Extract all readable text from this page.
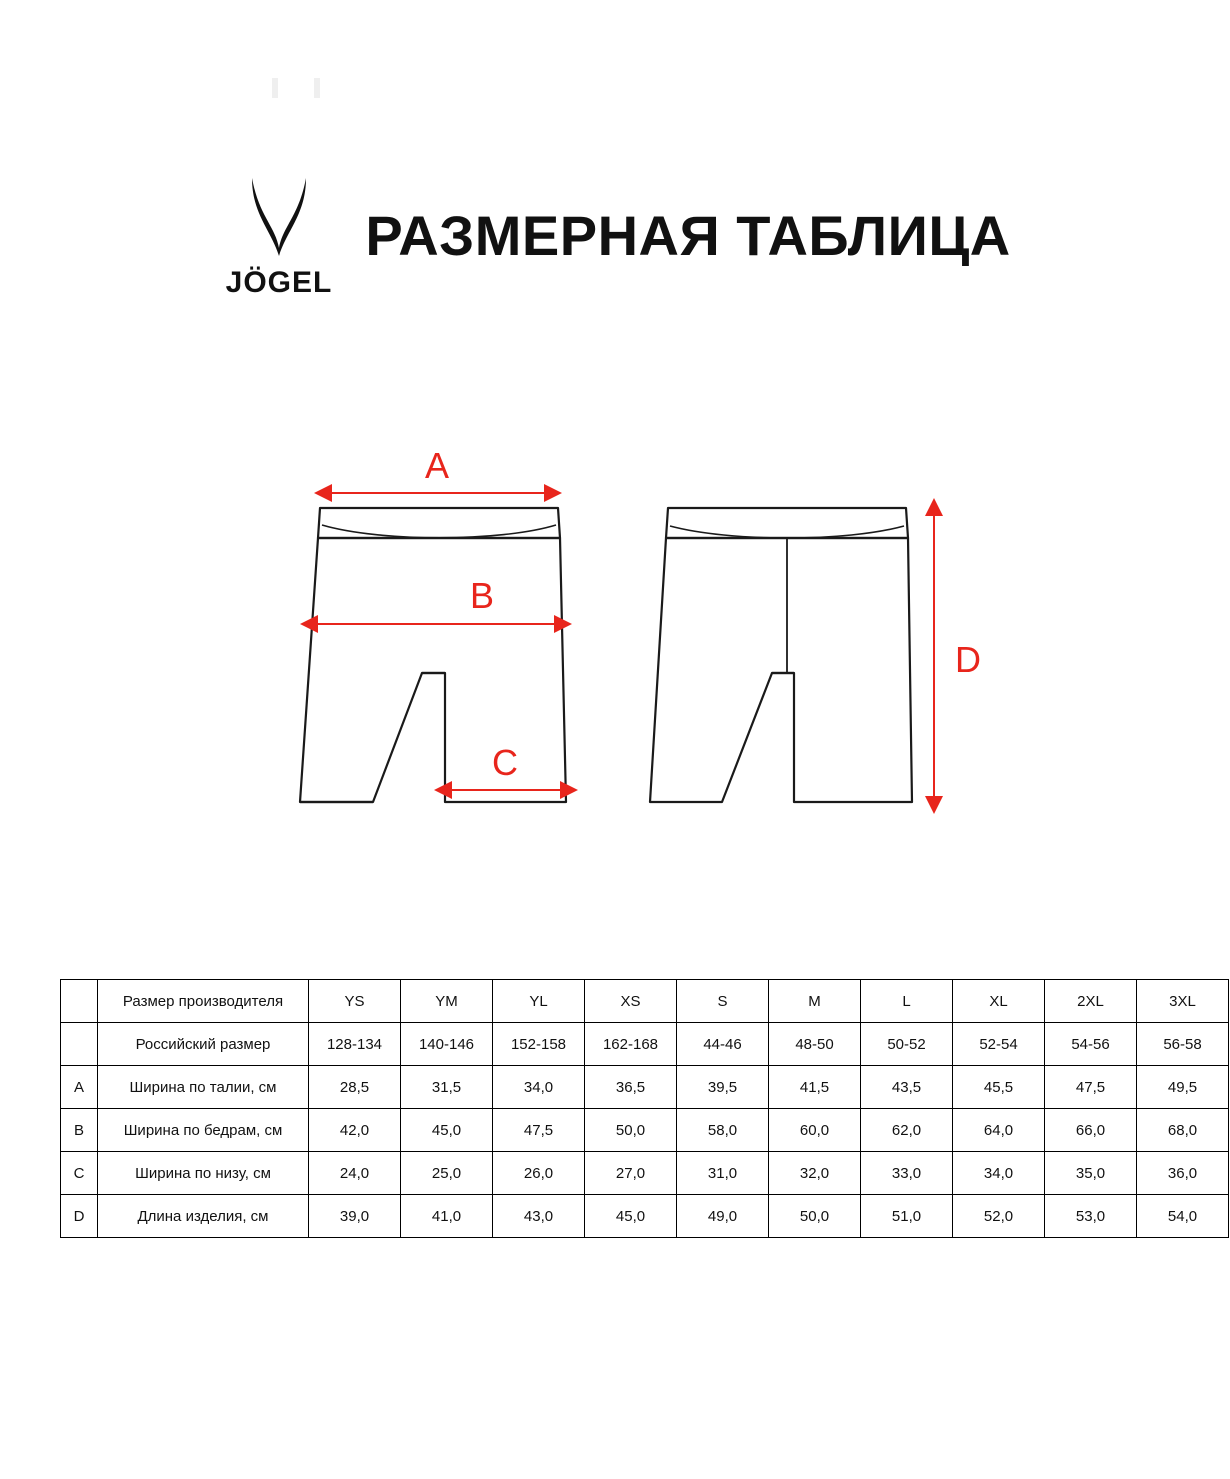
JÖGEL
РАЗМЕРНАЯ ТАБЛИЦА
A
B
C
D
	Размер производителя	YS	YM	YL	XS	S	M	L	XL	2XL	3XL
	Российский размер	128-134	140-146	152-158	162-168	44-46	48-50	50-52	52-54	54-56	56-58
A	Ширина по талии, см	28,5	31,5	34,0	36,5	39,5	41,5	43,5	45,5	47,5	49,5
B	Ширина по бедрам, см	42,0	45,0	47,5	50,0	58,0	60,0	62,0	64,0	66,0	68,0
C	Ширина по низу, см	24,0	25,0	26,0	27,0	31,0	32,0	33,0	34,0	35,0	36,0
D	Длина изделия, см	39,0	41,0	43,0	45,0	49,0	50,0	51,0	52,0	53,0	54,0
